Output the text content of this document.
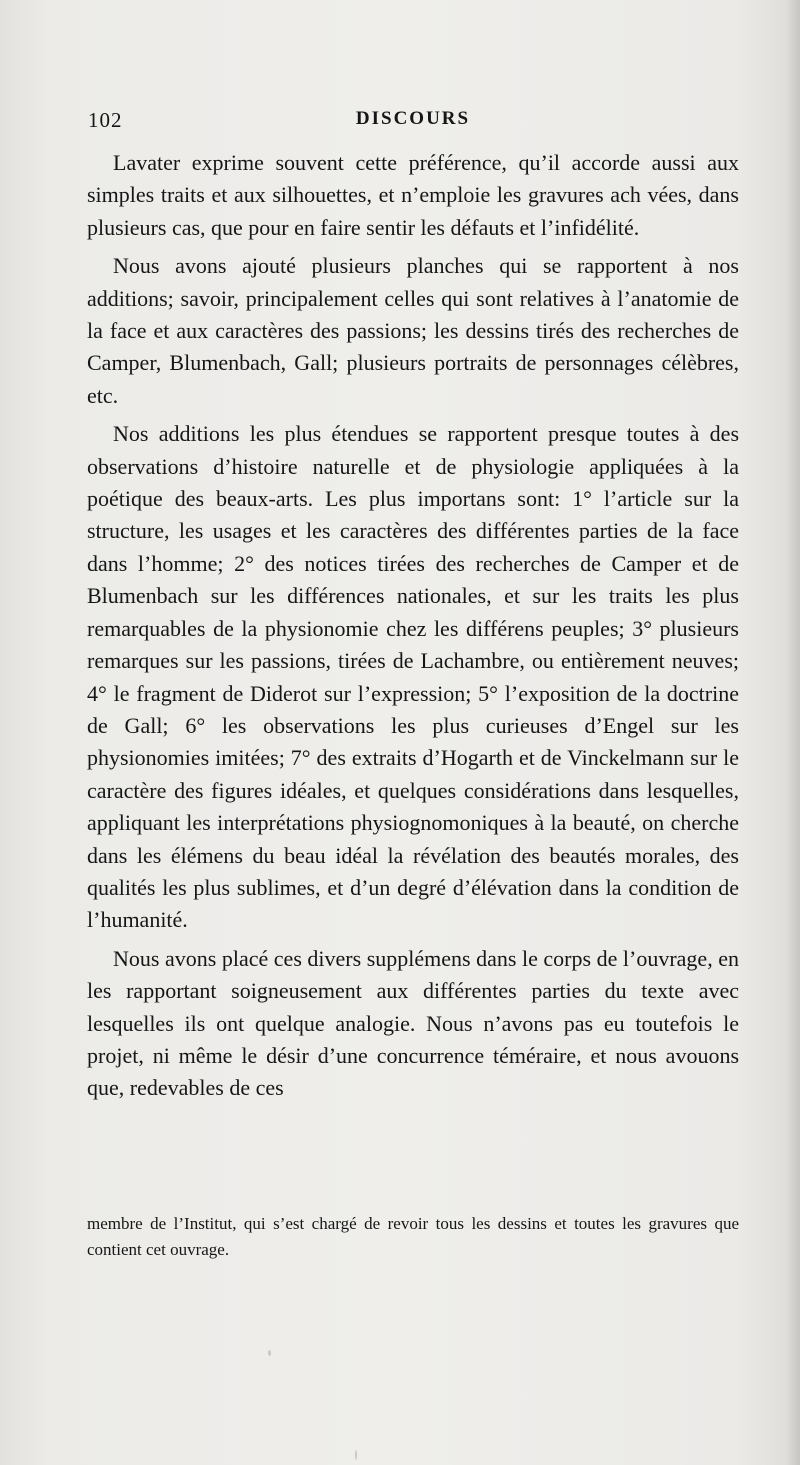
102	DISCOURS

Lavater exprime souvent cette préférence, qu’il accorde aussi aux simples traits et aux silhouettes, et n’emploie les gravures ach vées, dans plusieurs cas, que pour en faire sentir les défauts et l’infidélité.

Nous avons ajouté plusieurs planches qui se rapportent à nos additions; savoir, principalement celles qui sont relatives à l’anatomie de la face et aux caractères des passions; les dessins tirés des recherches de Camper, Blumenbach, Gall; plusieurs portraits de personnages célèbres, etc.

Nos additions les plus étendues se rapportent presque toutes à des observations d’histoire naturelle et de physiologie appliquées à la poétique des beaux-arts. Les plus importans sont: 1° l’article sur la structure, les usages et les caractères des différentes parties de la face dans l’homme; 2° des notices tirées des recherches de Camper et de Blumenbach sur les différences nationales, et sur les traits les plus remarquables de la physionomie chez les différens peuples; 3° plusieurs remarques sur les passions, tirées de Lachambre, ou entièrement neuves; 4° le fragment de Diderot sur l’expression; 5° l’exposition de la doctrine de Gall; 6° les observations les plus curieuses d’Engel sur les physionomies imitées; 7° des extraits d’Hogarth et de Vinckelmann sur le caractère des figures idéales, et quelques considérations dans lesquelles, appliquant les interprétations physiognomoniques à la beauté, on cherche dans les élémens du beau idéal la révélation des beautés morales, des qualités les plus sublimes, et d’un degré d’élévation dans la condition de l’humanité.

Nous avons placé ces divers supplémens dans le corps de l’ouvrage, en les rapportant soigneusement aux différentes parties du texte avec lesquelles ils ont quelque analogie. Nous n’avons pas eu toutefois le projet, ni même le désir d’une concurrence téméraire, et nous avouons que, redevables de ces

membre de l’Institut, qui s’est chargé de revoir tous les dessins et toutes les gravures que contient cet ouvrage.
